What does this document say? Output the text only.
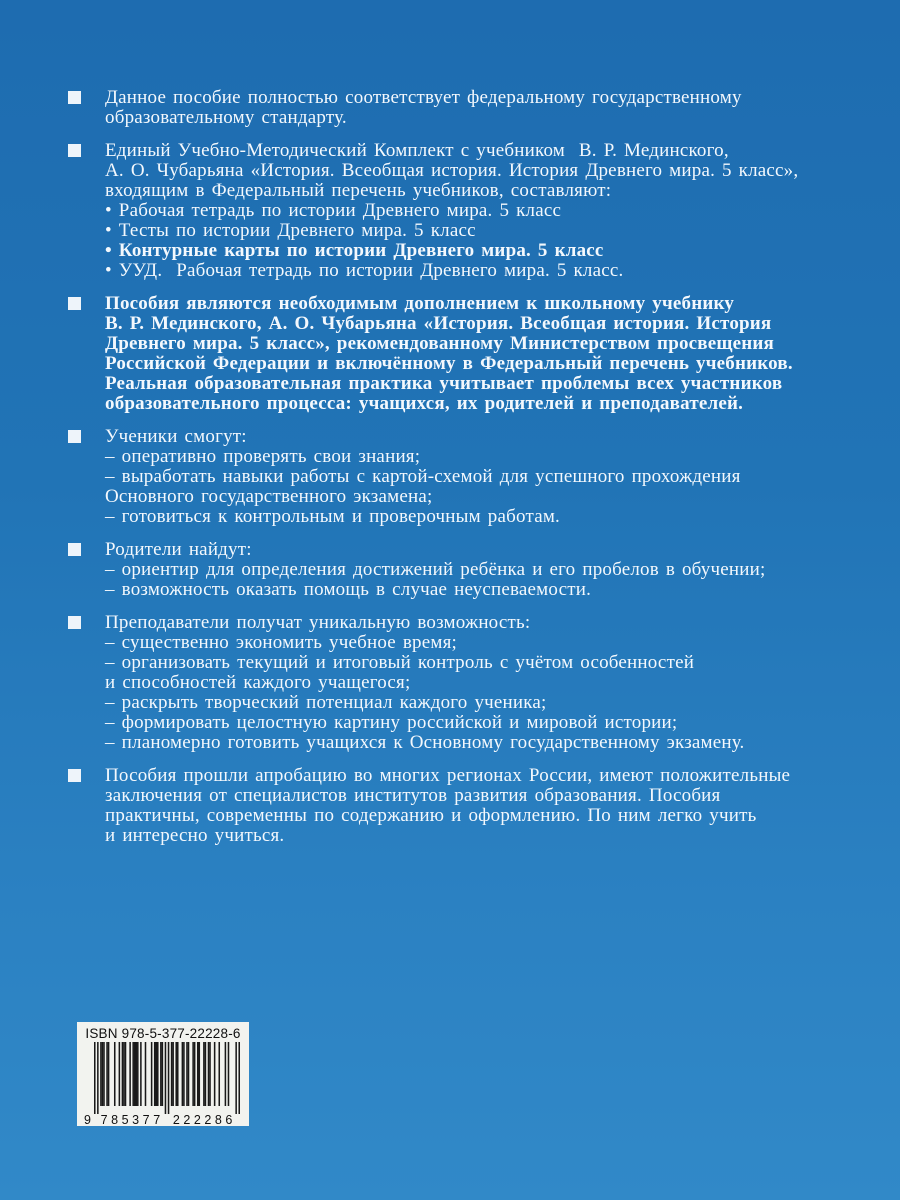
Данное пособие полностью соответствует федеральному государственному
образовательному стандарту.
Единый Учебно-Методический Комплект с учебником  В. Р. Мединского,
А. О. Чубарьяна «История. Всеобщая история. История Древнего мира. 5 класс»,
входящим в Федеральный перечень учебников, составляют:
• Рабочая тетрадь по истории Древнего мира. 5 класс
• Тесты по истории Древнего мира. 5 класс
• Контурные карты по истории Древнего мира. 5 класс
• УУД.  Рабочая тетрадь по истории Древнего мира. 5 класс.
Пособия являются необходимым дополнением к школьному учебнику
В. Р. Мединского, А. О. Чубарьяна «История. Всеобщая история. История
Древнего мира. 5 класс», рекомендованному Министерством просвещения
Российской Федерации и включённому в Федеральный перечень учебников.
Реальная образовательная практика учитывает проблемы всех участников
образовательного процесса: учащихся, их родителей и преподавателей.
Ученики смогут:
– оперативно проверять свои знания;
– выработать навыки работы с картой-схемой для успешного прохождения
Основного государственного экзамена;
– готовиться к контрольным и проверочным работам.
Родители найдут:
– ориентир для определения достижений ребёнка и его пробелов в обучении;
– возможность оказать помощь в случае неуспеваемости.
Преподаватели получат уникальную возможность:
– существенно экономить учебное время;
– организовать текущий и итоговый контроль с учётом особенностей
и способностей каждого учащегося;
– раскрыть творческий потенциал каждого ученика;
– формировать целостную картину российской и мировой истории;
– планомерно готовить учащихся к Основному государственному экзамену.
Пособия прошли апробацию во многих регионах России, имеют положительные
заключения от специалистов институтов развития образования. Пособия
практичны, современны по содержанию и оформлению. По ним легко учить
и интересно учиться.
ISBN 978-5-377-22228-6
9 785377 222286
